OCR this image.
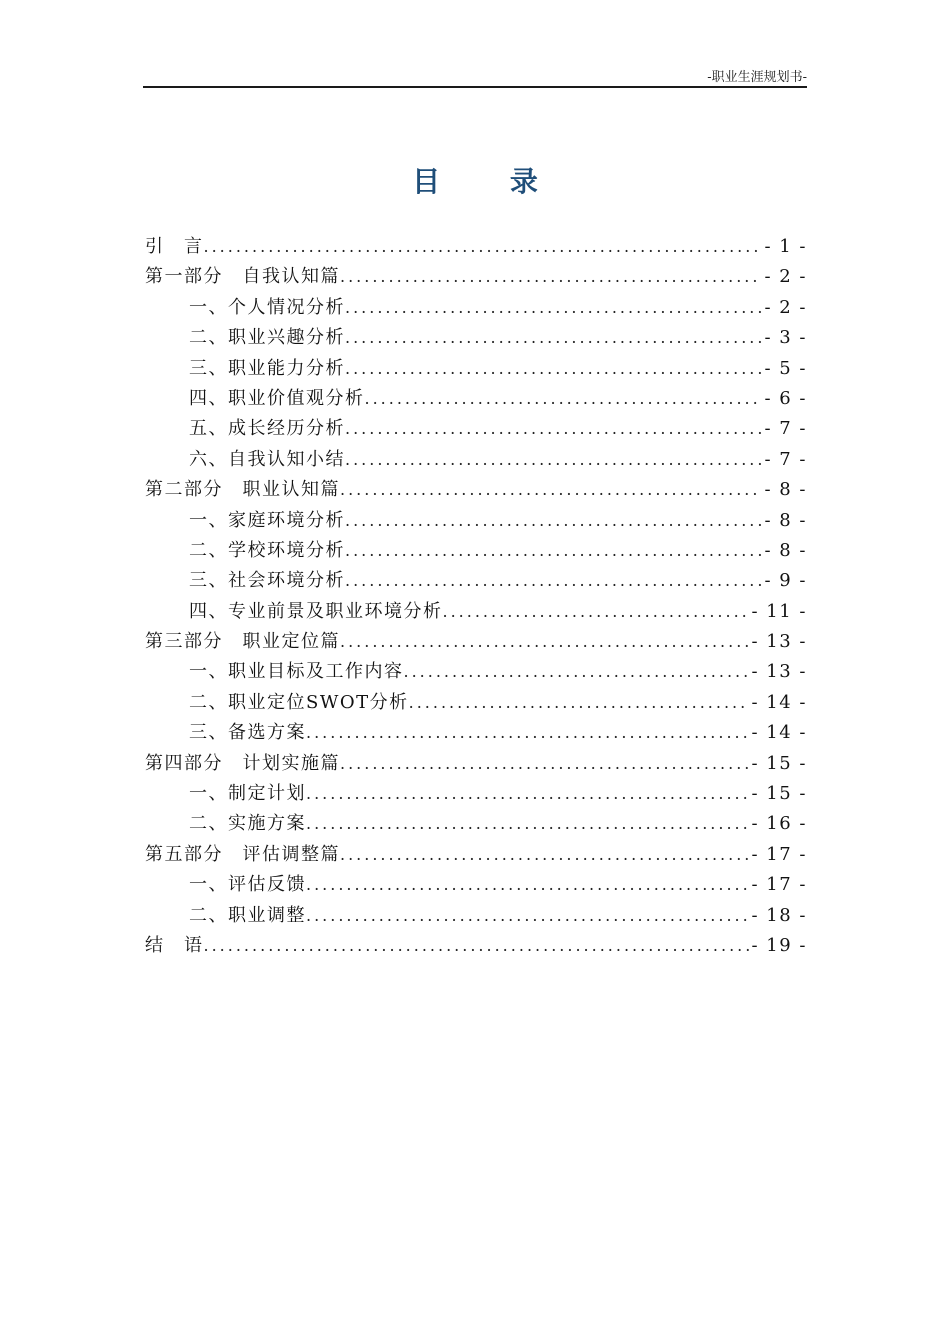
-职业生涯规划书-
目 录
引　言 .....	- 1 -
第一部分　自我认知篇 .....	- 2 -
一、个人情况分析 .....	- 2 -
二、职业兴趣分析 .....	- 3 -
三、职业能力分析 .....	- 5 -
四、职业价值观分析 .....	- 6 -
五、成长经历分析 .....	- 7 -
六、自我认知小结 .....	- 7 -
第二部分　职业认知篇 .....	- 8 -
一、家庭环境分析 .....	- 8 -
二、学校环境分析 .....	- 8 -
三、社会环境分析 .....	- 9 -
四、专业前景及职业环境分析 .....	- 11 -
第三部分　职业定位篇 .....	- 13 -
一、职业目标及工作内容 .....	- 13 -
二、职业定位SWOT分析 .....	- 14 -
三、备选方案 .....	- 14 -
第四部分　计划实施篇 .....	- 15 -
一、制定计划 .....	- 15 -
二、实施方案 .....	- 16 -
第五部分　评估调整篇 .....	- 17 -
一、评估反馈 .....	- 17 -
二、职业调整 .....	- 18 -
结　语 .....	- 19 -
